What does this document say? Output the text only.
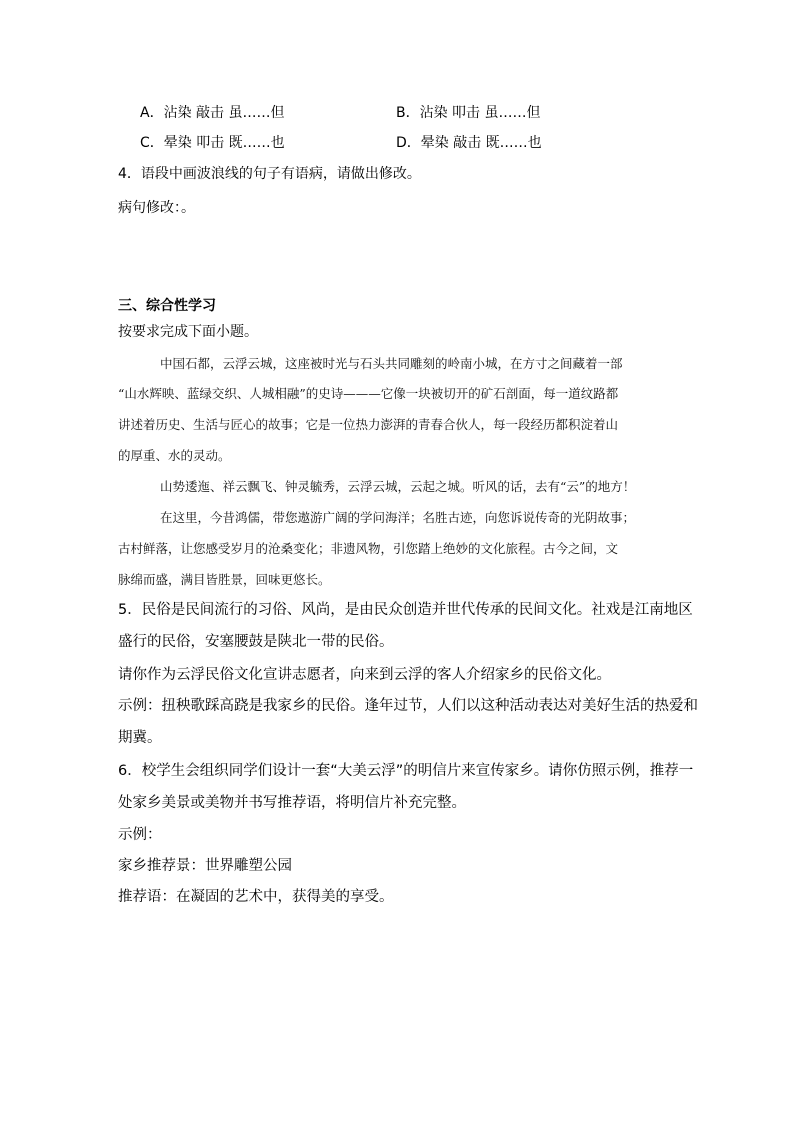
A．沾染 敲击 虽……但	B．沾染 叩击 虽……但
C．晕染 叩击 既……也	D．晕染 敲击 既……也
4．语段中画波浪线的句子有语病，请做出修改。
病句修改：。
三、综合性学习
按要求完成下面小题。
中国石都，云浮云城，这座被时光与石头共同雕刻的岭南小城，在方寸之间藏着一部
“山水辉映、蓝绿交织、人城相融”的史诗———它像一块被切开的矿石剖面，每一道纹路都
讲述着历史、生活与匠心的故事；它是一位热力澎湃的青春合伙人，每一段经历都积淀着山
的厚重、水的灵动。
山势逶迤、祥云飘飞、钟灵毓秀，云浮云城，云起之城。听风的话，去有“云”的地方！
在这里，今昔鸿儒，带您遨游广阔的学问海洋；名胜古迹，向您诉说传奇的光阴故事；
古村鲜落，让您感受岁月的沧桑变化；非遗风物，引您踏上绝妙的文化旅程。古今之间，文
脉绵而盛，满目皆胜景，回味更悠长。
5．民俗是民间流行的习俗、风尚，是由民众创造并世代传承的民间文化。社戏是江南地区
盛行的民俗，安塞腰鼓是陕北一带的民俗。
请你作为云浮民俗文化宣讲志愿者，向来到云浮的客人介绍家乡的民俗文化。
示例：扭秧歌踩高跷是我家乡的民俗。逢年过节，人们以这种活动表达对美好生活的热爱和
期冀。
6．校学生会组织同学们设计一套“大美云浮”的明信片来宣传家乡。请你仿照示例，推荐一
处家乡美景或美物并书写推荐语，将明信片补充完整。
示例：
家乡推荐景：世界雕塑公园
推荐语：在凝固的艺术中，获得美的享受。
